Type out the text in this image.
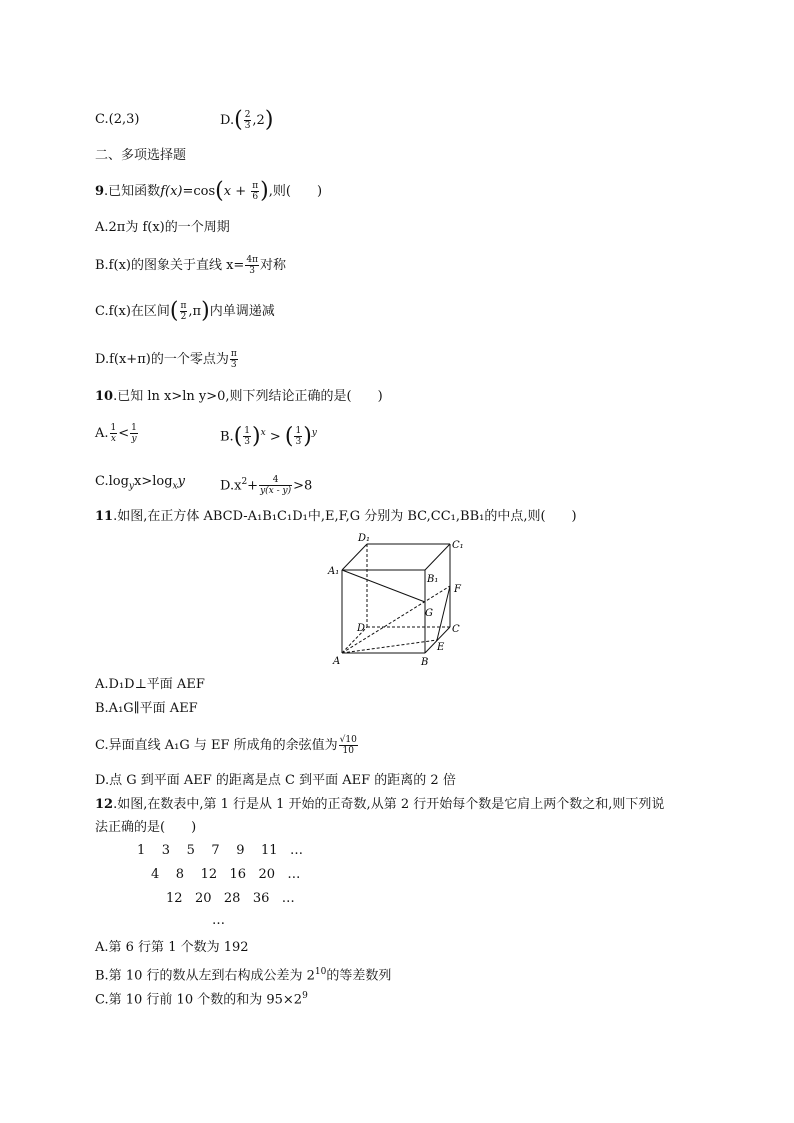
C.(2,3)	$D.( \frac{2}{3} ,2)$
二、多项选择题
9.已知函数$f(x)=\cos(x + \frac{\pi}{6}$ ),则(　　)
A.2π为 f(x)的一个周期
B.f(x)的图象关于直线 $x= \frac{4\pi}{3}$ 对称
C.f(x)在区间( $\frac{\pi}{2} ,\pi$)内单调递减
D.f(x+π)的一个零点为 $\frac{\pi}{3}$
10.已知 ln x>ln y>0,则下列结论正确的是(　　)
A. $\frac{1}{x} < \frac{1}{y}$	$B.( \frac{1}{3} )^x$ > ( $\frac{1}{3} )^y$
$C.\log_yx>\log_xy$	$D.x^2+ \frac{4}{y(x - y)} >8$
11.如图,在正方体 ABCD-A₁B₁C₁D₁中,E,F,G 分别为 BC,CC₁,BB₁的中点,则(　　)
D₁
C₁
A₁
B₁
F
G
D	C
E
A	B
A.D₁D⊥平面 AEF
B.A₁G∥平面 AEF
C.异面直线 A₁G 与 EF 所成角的余弦值为 $\frac{√10}{10}$
D.点 G 到平面 AEF 的距离是点 C 到平面 AEF 的距离的 2 倍
12.如图,在数表中,第 1 行是从 1 开始的正奇数,从第 2 行开始每个数是它肩上两个数之和,则下列说
法正确的是(　　)
1    3    5    7    9    11   …
4    8    12   16   20   …
12   20   28   36   …
…
A.第 6 行第 1 个数为 192
B.第 10 行的数从左到右构成公差为 $2^{10}$的等差数列
C.第 10 行前 10 个数的和为 $95\times 2^9$
